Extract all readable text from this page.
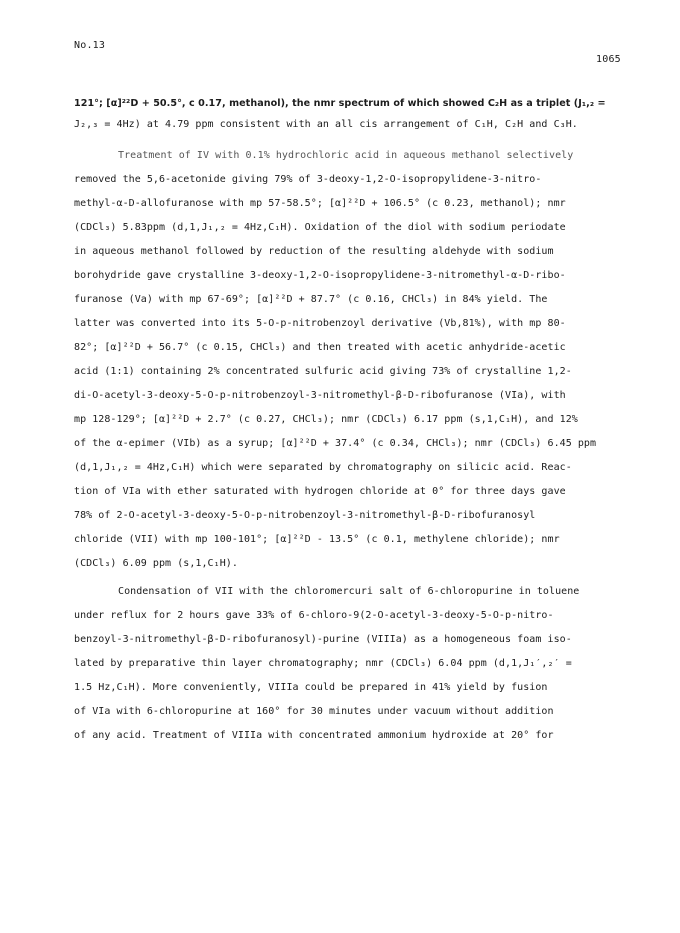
No.13
1065
121°; [α]²²D + 50.5°, c 0.17, methanol), the nmr spectrum of which showed C₂H as a triplet (J₁,₂ =
J₂,₃ = 4Hz) at 4.79 ppm consistent with an all cis arrangement of C₁H, C₂H and C₃H.
Treatment of IV with 0.1% hydrochloric acid in aqueous methanol selectively
removed the 5,6-acetonide giving 79% of 3-deoxy-1,2-O-isopropylidene-3-nitro-
methyl-α-D-allofuranose with mp 57-58.5°; [α]²²D + 106.5° (c 0.23, methanol); nmr
(CDCl₃) 5.83ppm (d,1,J₁,₂ = 4Hz,C₁H). Oxidation of the diol with sodium periodate
in aqueous methanol followed by reduction of the resulting aldehyde with sodium
borohydride gave crystalline 3-deoxy-1,2-O-isopropylidene-3-nitromethyl-α-D-ribo-
furanose (Va) with mp 67-69°; [α]²²D + 87.7° (c 0.16, CHCl₃) in 84% yield. The
latter was converted into its 5-O-p-nitrobenzoyl derivative (Vb,81%), with mp 80-
82°; [α]²²D + 56.7° (c 0.15, CHCl₃) and then treated with acetic anhydride-acetic
acid (1:1) containing 2% concentrated sulfuric acid giving 73% of crystalline 1,2-
di-O-acetyl-3-deoxy-5-O-p-nitrobenzoyl-3-nitromethyl-β-D-ribofuranose (VIa), with
mp 128-129°; [α]²²D + 2.7° (c 0.27, CHCl₃); nmr (CDCl₃) 6.17 ppm (s,1,C₁H), and 12%
of the α-epimer (VIb) as a syrup; [α]²²D + 37.4° (c 0.34, CHCl₃); nmr (CDCl₃) 6.45 ppm
(d,1,J₁,₂ = 4Hz,C₁H) which were separated by chromatography on silicic acid. Reac-
tion of VIa with ether saturated with hydrogen chloride at 0° for three days gave
78% of 2-O-acetyl-3-deoxy-5-O-p-nitrobenzoyl-3-nitromethyl-β-D-ribofuranosyl
chloride (VII) with mp 100-101°; [α]²²D - 13.5° (c 0.1, methylene chloride); nmr
(CDCl₃) 6.09 ppm (s,1,C₁H).
Condensation of VII with the chloromercuri salt of 6-chloropurine in toluene
under reflux for 2 hours gave 33% of 6-chloro-9(2-O-acetyl-3-deoxy-5-O-p-nitro-
benzoyl-3-nitromethyl-β-D-ribofuranosyl)-purine (VIIIa) as a homogeneous foam iso-
lated by preparative thin layer chromatography; nmr (CDCl₃) 6.04 ppm (d,1,J₁′,₂′ =
1.5 Hz,C₁H). More conveniently, VIIIa could be prepared in 41% yield by fusion
of VIa with 6-chloropurine at 160° for 30 minutes under vacuum without addition
of any acid. Treatment of VIIIa with concentrated ammonium hydroxide at 20° for
